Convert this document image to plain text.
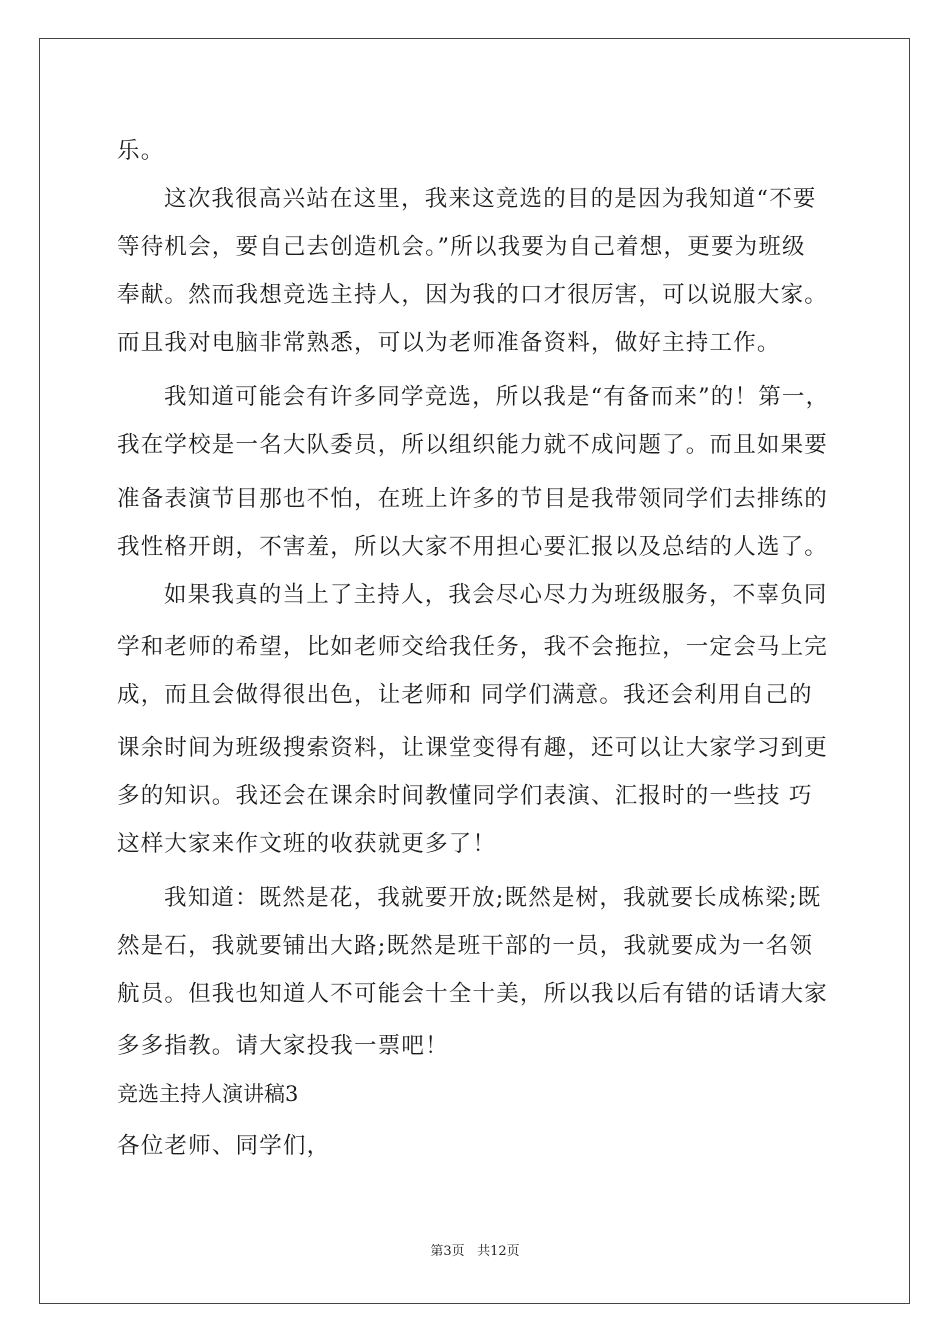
乐。
这次我很高兴站在这里，我来这竞选的目的是因为我知道“不要
等待机会，要自己去创造机会。”所以我要为自己着想，更要为班级
奉献。然而我想竞选主持人，因为我的口才很厉害，可以说服大家。
而且我对电脑非常熟悉，可以为老师准备资料，做好主持工作。
我知道可能会有许多同学竞选，所以我是“有备而来”的！第一，
我在学校是一名大队委员，所以组织能力就不成问题了。而且如果要
准备表演节目那也不怕，在班上许多的节目是我带领同学们去排练的
我性格开朗，不害羞，所以大家不用担心要汇报以及总结的人选了。
如果我真的当上了主持人，我会尽心尽力为班级服务，不辜负同
学和老师的希望，比如老师交给我任务，我不会拖拉，一定会马上完
成，而且会做得很出色，让老师和 同学们满意。我还会利用自己的
课余时间为班级搜索资料，让课堂变得有趣，还可以让大家学习到更
多的知识。我还会在课余时间教懂同学们表演、汇报时的一些技 巧
这样大家来作文班的收获就更多了！
我知道：既然是花，我就要开放;既然是树，我就要长成栋梁;既
然是石，我就要铺出大路;既然是班干部的一员，我就要成为一名领
航员。但我也知道人不可能会十全十美，所以我以后有错的话请大家
多多指教。请大家投我一票吧！
竞选主持人演讲稿3
各位老师、同学们，
第3页 共12页
